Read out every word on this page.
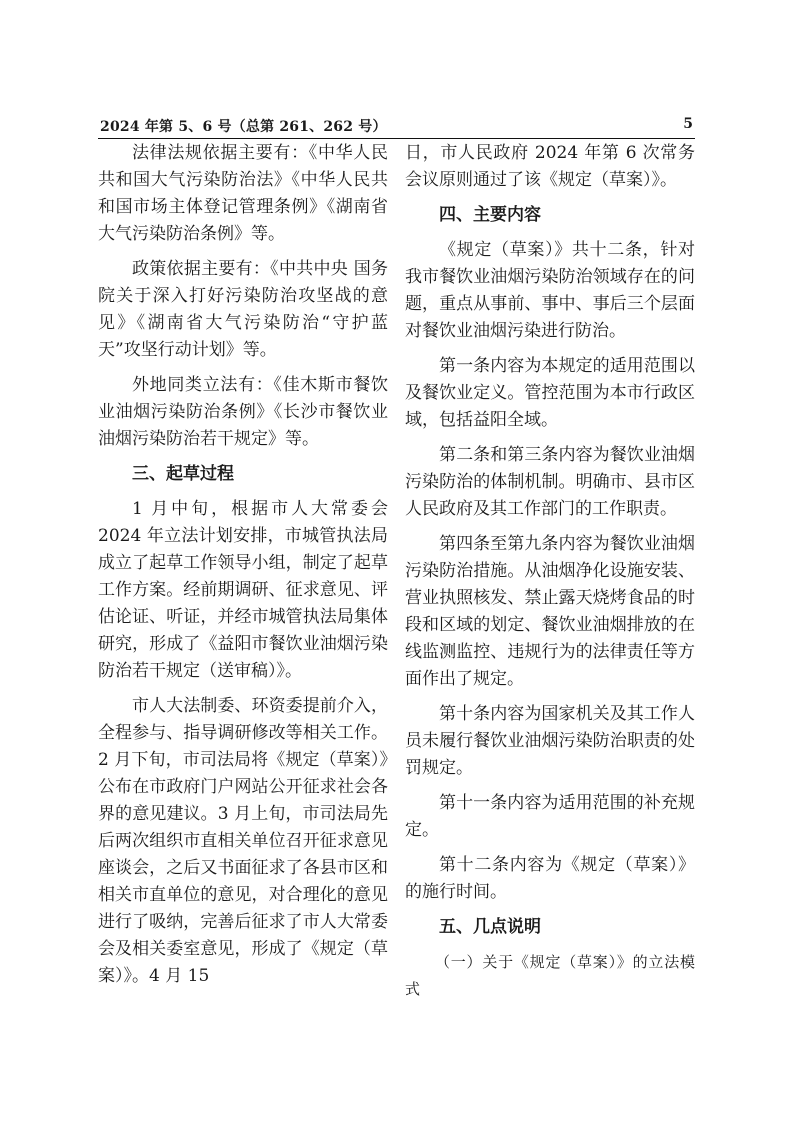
2024 年第 5、6 号（总第 261、262 号）	5

法律法规依据主要有：《中华人民共和国大气污染防治法》《中华人民共和国市场主体登记管理条例》《湖南省大气污染防治条例》等。

政策依据主要有：《中共中央 国务院关于深入打好污染防治攻坚战的意见》《湖南省大气污染防治“守护蓝天”攻坚行动计划》等。

外地同类立法有：《佳木斯市餐饮业油烟污染防治条例》《长沙市餐饮业油烟污染防治若干规定》等。

三、起草过程

1 月中旬，根据市人大常委会 2024 年立法计划安排，市城管执法局成立了起草工作领导小组，制定了起草工作方案。经前期调研、征求意见、评估论证、听证，并经市城管执法局集体研究，形成了《益阳市餐饮业油烟污染防治若干规定（送审稿）》。

市人大法制委、环资委提前介入，全程参与、指导调研修改等相关工作。2 月下旬，市司法局将《规定（草案）》公布在市政府门户网站公开征求社会各界的意见建议。3 月上旬，市司法局先后两次组织市直相关单位召开征求意见座谈会，之后又书面征求了各县市区和相关市直单位的意见，对合理化的意见进行了吸纳，完善后征求了市人大常委会及相关委室意见，形成了《规定（草案）》。4 月 15

日，市人民政府 2024 年第 6 次常务会议原则通过了该《规定（草案）》。

四、主要内容

《规定（草案）》共十二条，针对我市餐饮业油烟污染防治领域存在的问题，重点从事前、事中、事后三个层面对餐饮业油烟污染进行防治。

第一条内容为本规定的适用范围以及餐饮业定义。管控范围为本市行政区域，包括益阳全域。

第二条和第三条内容为餐饮业油烟污染防治的体制机制。明确市、县市区人民政府及其工作部门的工作职责。

第四条至第九条内容为餐饮业油烟污染防治措施。从油烟净化设施安装、营业执照核发、禁止露天烧烤食品的时段和区域的划定、餐饮业油烟排放的在线监测监控、违规行为的法律责任等方面作出了规定。

第十条内容为国家机关及其工作人员未履行餐饮业油烟污染防治职责的处罚规定。

第十一条内容为适用范围的补充规定。

第十二条内容为《规定（草案）》的施行时间。

五、几点说明

（一）关于《规定（草案）》的立法模式
